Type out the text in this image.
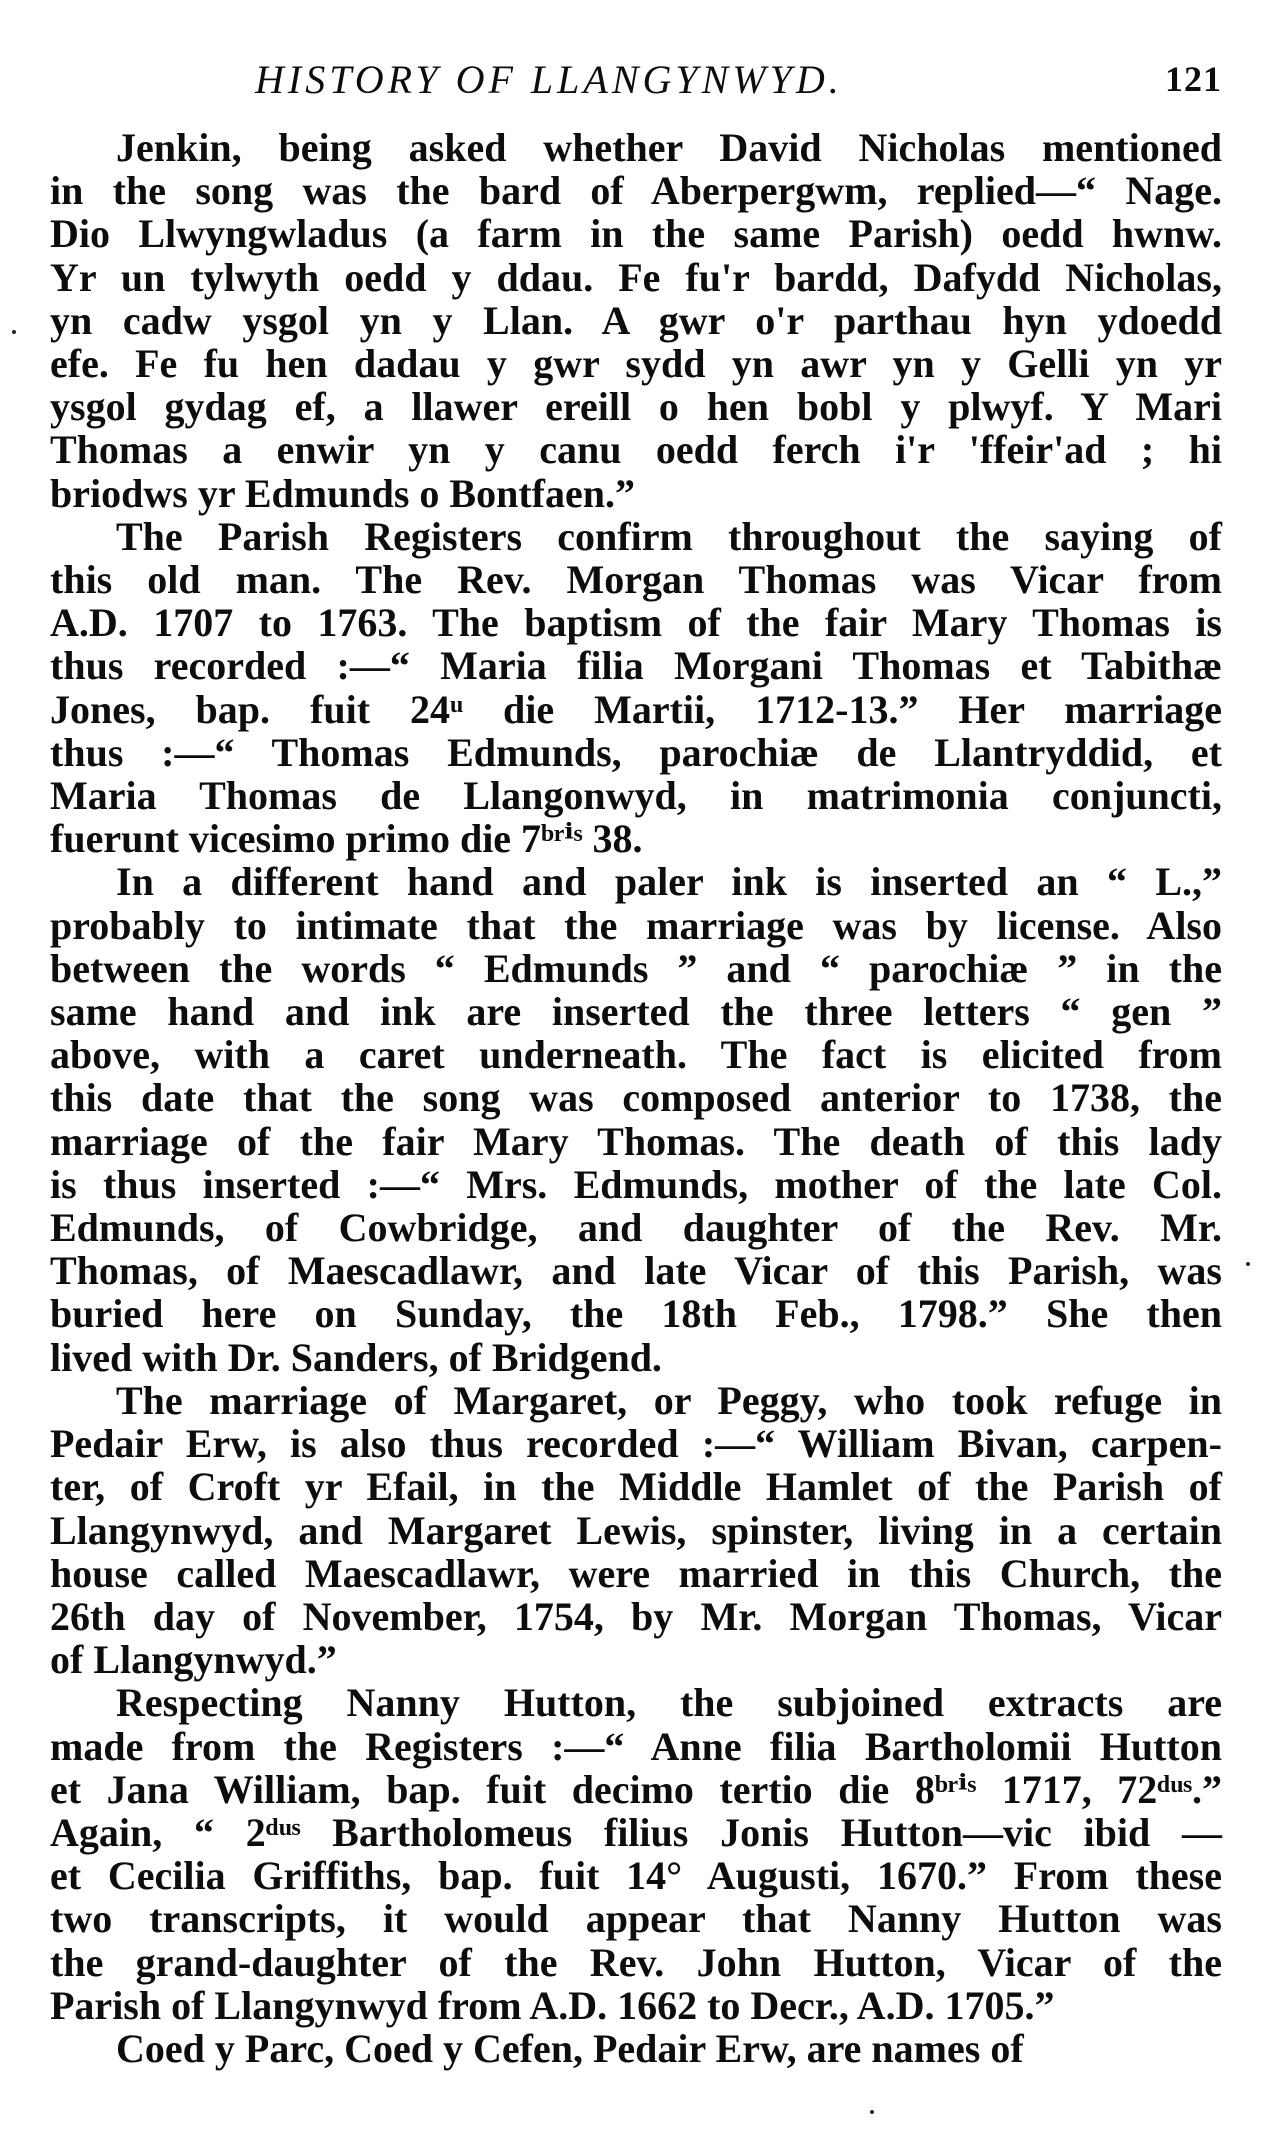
HISTORY OF LLANGYNWYD.	121
Jenkin, being asked whether David Nicholas mentioned
in the song was the bard of Aberpergwm, replied—“ Nage.
Dio Llwyngwladus (a farm in the same Parish) oedd hwnw.
Yr un tylwyth oedd y ddau. Fe fu'r bardd, Dafydd Nicholas,
yn cadw ysgol yn y Llan. A gwr o'r parthau hyn ydoedd
efe. Fe fu hen dadau y gwr sydd yn awr yn y Gelli yn yr
ysgol gydag ef, a llawer ereill o hen bobl y plwyf. Y Mari
Thomas a enwir yn y canu oedd ferch i'r 'ffeir'ad ; hi
briodws yr Edmunds o Bontfaen.”
The Parish Registers confirm throughout the saying of
this old man. The Rev. Morgan Thomas was Vicar from
A.D. 1707 to 1763. The baptism of the fair Mary Thomas is
thus recorded :—“ Maria filia Morgani Thomas et Tabithæ
Jones, bap. fuit 24ᵘ die Martii, 1712-13.” Her marriage
thus :—“ Thomas Edmunds, parochiæ de Llantryddid, et
Maria Thomas de Llangonwyd, in matrimonia conjuncti,
fuerunt vicesimo primo die 7ᵇʳⁱˢ 38.
In a different hand and paler ink is inserted an “ L.,”
probably to intimate that the marriage was by license. Also
between the words “ Edmunds ” and “ parochiæ ” in the
same hand and ink are inserted the three letters “ gen ”
above, with a caret underneath. The fact is elicited from
this date that the song was composed anterior to 1738, the
marriage of the fair Mary Thomas. The death of this lady
is thus inserted :—“ Mrs. Edmunds, mother of the late Col.
Edmunds, of Cowbridge, and daughter of the Rev. Mr.
Thomas, of Maescadlawr, and late Vicar of this Parish, was
buried here on Sunday, the 18th Feb., 1798.” She then
lived with Dr. Sanders, of Bridgend.
The marriage of Margaret, or Peggy, who took refuge in
Pedair Erw, is also thus recorded :—“ William Bivan, carpen-
ter, of Croft yr Efail, in the Middle Hamlet of the Parish of
Llangynwyd, and Margaret Lewis, spinster, living in a certain
house called Maescadlawr, were married in this Church, the
26th day of November, 1754, by Mr. Morgan Thomas, Vicar
of Llangynwyd.”
Respecting Nanny Hutton, the subjoined extracts are
made from the Registers :—“ Anne filia Bartholomii Hutton
et Jana William, bap. fuit decimo tertio die 8ᵇʳⁱˢ 1717, 72ᵈᵘˢ.”
Again, “ 2ᵈᵘˢ Bartholomeus filius Jonis Hutton—vic ibid —
et Cecilia Griffiths, bap. fuit 14° Augusti, 1670.” From these
two transcripts, it would appear that Nanny Hutton was
the grand-daughter of the Rev. John Hutton, Vicar of the
Parish of Llangynwyd from A.D. 1662 to Decr., A.D. 1705.”
Coed y Parc, Coed y Cefen, Pedair Erw, are names of
